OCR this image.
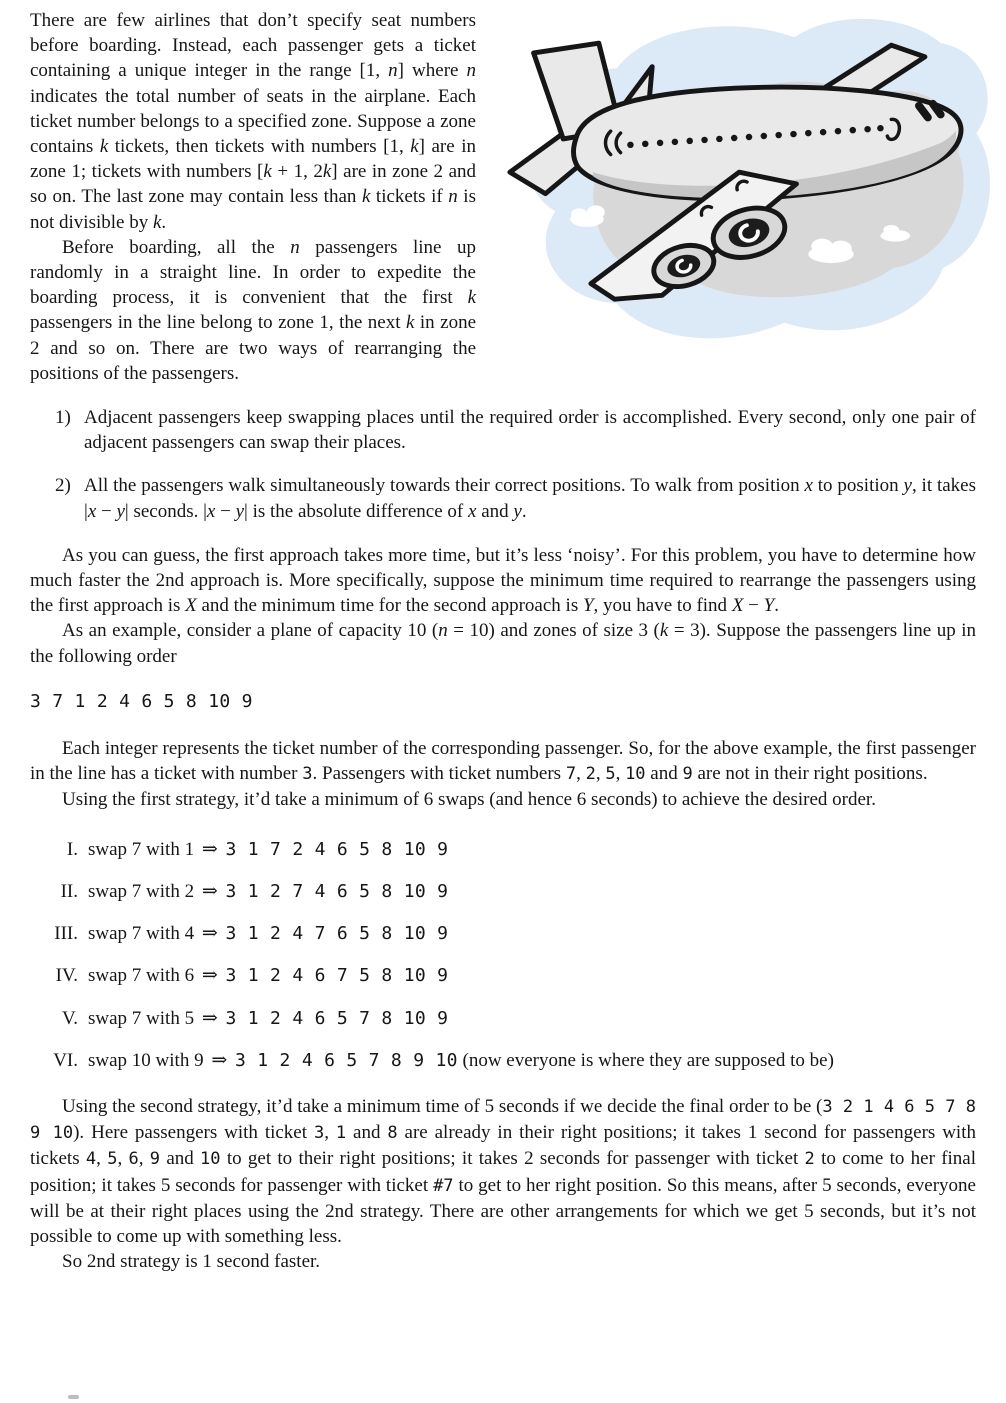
There are few airlines that don’t specify seat numbers before boarding. Instead, each passenger gets a ticket containing a unique integer in the range [1, n] where n indicates the total number of seats in the airplane. Each ticket number belongs to a specified zone. Suppose a zone contains k tickets, then tickets with numbers [1, k] are in zone 1; tickets with numbers [k + 1, 2k] are in zone 2 and so on. The last zone may contain less than k tickets if n is not divisible by k.

Before boarding, all the n passengers line up randomly in a straight line. In order to expedite the boarding process, it is convenient that the first k passengers in the line belong to zone 1, the next k in zone 2 and so on. There are two ways of rearranging the positions of the passengers.

1) Adjacent passengers keep swapping places until the required order is accomplished. Every second, only one pair of adjacent passengers can swap their places.
2) All the passengers walk simultaneously towards their correct positions. To walk from position x to position y, it takes |x − y| seconds. |x − y| is the absolute difference of x and y.

As you can guess, the first approach takes more time, but it’s less ‘noisy’. For this problem, you have to determine how much faster the 2nd approach is. More specifically, suppose the minimum time required to rearrange the passengers using the first approach is X and the minimum time for the second approach is Y, you have to find X − Y.

As an example, consider a plane of capacity 10 (n = 10) and zones of size 3 (k = 3). Suppose the passengers line up in the following order

3 7 1 2 4 6 5 8 10 9

Each integer represents the ticket number of the corresponding passenger. So, for the above example, the first passenger in the line has a ticket with number 3. Passengers with ticket numbers 7, 2, 5, 10 and 9 are not in their right positions.

Using the first strategy, it’d take a minimum of 6 swaps (and hence 6 seconds) to achieve the desired order.

I. swap 7 with 1 ⇒ 3 1 7 2 4 6 5 8 10 9
II. swap 7 with 2 ⇒ 3 1 2 7 4 6 5 8 10 9
III. swap 7 with 4 ⇒ 3 1 2 4 7 6 5 8 10 9
IV. swap 7 with 6 ⇒ 3 1 2 4 6 7 5 8 10 9
V. swap 7 with 5 ⇒ 3 1 2 4 6 5 7 8 10 9
VI. swap 10 with 9 ⇒ 3 1 2 4 6 5 7 8 9 10 (now everyone is where they are supposed to be)

Using the second strategy, it’d take a minimum time of 5 seconds if we decide the final order to be (3 2 1 4 6 5 7 8 9 10). Here passengers with ticket 3, 1 and 8 are already in their right positions; it takes 1 second for passengers with tickets 4, 5, 6, 9 and 10 to get to their right positions; it takes 2 seconds for passenger with ticket 2 to come to her final position; it takes 5 seconds for passenger with ticket #7 to get to her right position. So this means, after 5 seconds, everyone will be at their right places using the 2nd strategy. There are other arrangements for which we get 5 seconds, but it’s not possible to come up with something less.

So 2nd strategy is 1 second faster.
